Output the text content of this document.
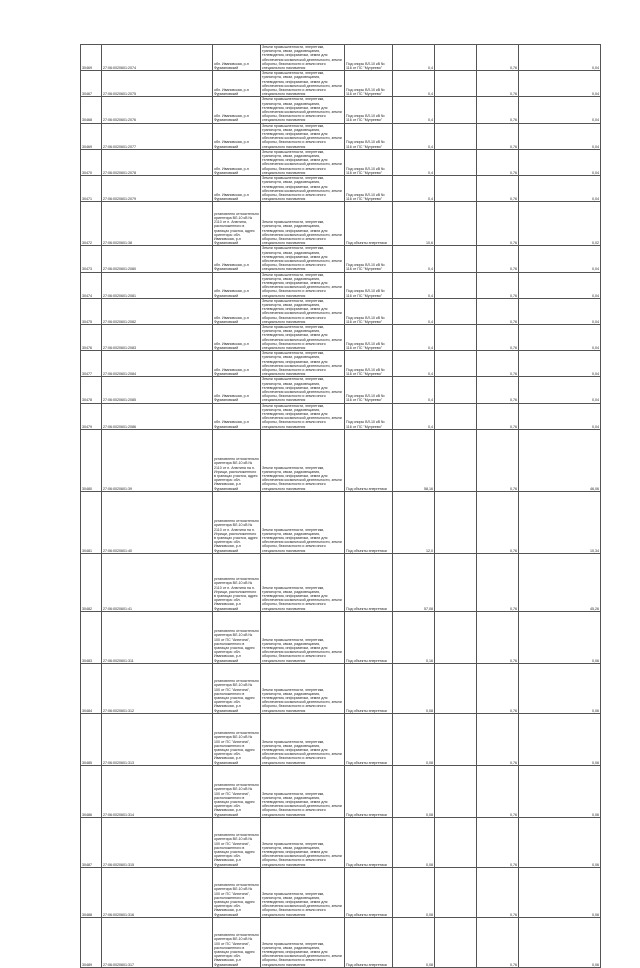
30469	27:06:0020601:2074	обл. Ивановская, р-н Фурмановский	Земли промышленности, энергетики, транспорта, связи, радиовещания, телевидения, информатики, земли для обеспечения космической деятельности, земли обороны, безопасности и земли иного специального назначения	Под опоры ВЛ-10 кВ № 116 от ПС "Мугреево"	0,4		0,76	0,04
30467	27:06:0020601:2075	обл. Ивановская, р-н Фурмановский	Земли промышленности, энергетики, транспорта, связи, радиовещания, телевидения, информатики, земли для обеспечения космической деятельности, земли обороны, безопасности и земли иного специального назначения	Под опоры ВЛ-10 кВ № 116 от ПС "Мугреево"	0,4		0,76	0,04
30468	27:06:0020601:2076	обл. Ивановская, р-н Фурмановский	Земли промышленности, энергетики, транспорта, связи, радиовещания, телевидения, информатики, земли для обеспечения космической деятельности, земли обороны, безопасности и земли иного специального назначения	Под опоры ВЛ-10 кВ № 116 от ПС "Мугреево"	0,4		0,76	0,04
30469	27:06:0020601:2077	обл. Ивановская, р-н Фурмановский	Земли промышленности, энергетики, транспорта, связи, радиовещания, телевидения, информатики, земли для обеспечения космической деятельности, земли обороны, безопасности и земли иного специального назначения	Под опоры ВЛ-10 кВ № 116 от ПС "Мугреево"	0,4		0,76	0,04
30470	27:06:0020601:2078	обл. Ивановская, р-н Фурмановский	Земли промышленности, энергетики, транспорта, связи, радиовещания, телевидения, информатики, земли для обеспечения космической деятельности, земли обороны, безопасности и земли иного специального назначения	Под опоры ВЛ-10 кВ № 116 от ПС "Мугреево"	0,4		0,76	0,04
30471	27:06:0020601:2079	обл. Ивановская, р-н Фурмановский	Земли промышленности, энергетики, транспорта, связи, радиовещания, телевидения, информатики, земли для обеспечения космической деятельности, земли обороны, безопасности и земли иного специального назначения	Под опоры ВЛ-10 кВ № 116 от ПС "Мугреево"	0,4		0,76	0,04
30472	27:06:0020601:38	установлено относительно ориентира ВЛ-10 кВ № 2110 от п. Анютина, расположенного в границах участка, адрес ориентира: обл. Ивановская, р-н Фурмановский	Земли промышленности, энергетики, транспорта, связи, радиовещания, телевидения, информатики, земли для обеспечения космической деятельности, земли обороны, безопасности и земли иного специального назначения	Под объекты энергетики	10,6		0,76	0,02
30473	27:06:0020601:2080	обл. Ивановская, р-н Фурмановский	Земли промышленности, энергетики, транспорта, связи, радиовещания, телевидения, информатики, земли для обеспечения космической деятельности, земли обороны, безопасности и земли иного специального назначения	Под опоры ВЛ-10 кВ № 116 от ПС "Мугреево"	0,4		0,76	0,04
30474	27:06:0020601:2081	обл. Ивановская, р-н Фурмановский	Земли промышленности, энергетики, транспорта, связи, радиовещания, телевидения, информатики, земли для обеспечения космической деятельности, земли обороны, безопасности и земли иного специального назначения	Под опоры ВЛ-10 кВ № 116 от ПС "Мугреево"	0,4		0,76	0,04
30475	27:06:0020601:2082	обл. Ивановская, р-н Фурмановский	Земли промышленности, энергетики, транспорта, связи, радиовещания, телевидения, информатики, земли для обеспечения космической деятельности, земли обороны, безопасности и земли иного специального назначения	Под опоры ВЛ-10 кВ № 116 от ПС "Мугреево"	0,4		0,76	0,04
30476	27:06:0020601:2083	обл. Ивановская, р-н Фурмановский	Земли промышленности, энергетики, транспорта, связи, радиовещания, телевидения, информатики, земли для обеспечения космической деятельности, земли обороны, безопасности и земли иного специального назначения	Под опоры ВЛ-10 кВ № 116 от ПС "Мугреево"	0,4		0,76	0,04
30477	27:06:0020601:2084	обл. Ивановская, р-н Фурмановский	Земли промышленности, энергетики, транспорта, связи, радиовещания, телевидения, информатики, земли для обеспечения космической деятельности, земли обороны, безопасности и земли иного специального назначения	Под опоры ВЛ-10 кВ № 116 от ПС "Мугреево"	0,4		0,76	0,04
30478	27:06:0020601:2085	обл. Ивановская, р-н Фурмановский	Земли промышленности, энергетики, транспорта, связи, радиовещания, телевидения, информатики, земли для обеспечения космической деятельности, земли обороны, безопасности и земли иного специального назначения	Под опоры ВЛ-10 кВ № 116 от ПС "Мугреево"	0,4		0,76	0,04
30479	27:06:0020601:2086	обл. Ивановская, р-н Фурмановский	Земли промышленности, энергетики, транспорта, связи, радиовещания, телевидения, информатики, земли для обеспечения космической деятельности, земли обороны, безопасности и земли иного специального назначения	Под опоры ВЛ-10 кВ № 116 от ПС "Мугреево"	0,4		0,76	0,04
30480	27:06:0020601:39	установлено относительно ориентира ВЛ-10 кВ № 2110 от п. Анютина на п. Игрищи, расположенного в границах участка, адрес ориентира: обл. Ивановская, р-н Фурмановский	Земли промышленности, энергетики, транспорта, связи, радиовещания, телевидения, информатики, земли для обеспечения космической деятельности, земли обороны, безопасности и земли иного специального назначения	Под объекты энергетики	58,16		0,76	46,06
30481	27:06:0020601:40	установлено относительно ориентира ВЛ-10 кВ № 2110 от п. Анютина на п. Игрищи, расположенного в границах участка, адрес ориентира: обл. Ивановская, р-н Фурмановский	Земли промышленности, энергетики, транспорта, связи, радиовещания, телевидения, информатики, земли для обеспечения космической деятельности, земли обороны, безопасности и земли иного специального назначения	Под объекты энергетики	12,0		0,76	10,34
30482	27:06:0020601:41	установлено относительно ориентира ВЛ-10 кВ № 2110 от п. Анютина на п. Игрищи, расположенного в границах участка, адрес ориентира: обл. Ивановская, р-н Фурмановский	Земли промышленности, энергетики, транспорта, связи, радиовещания, телевидения, информатики, земли для обеспечения космической деятельности, земли обороны, безопасности и земли иного специального назначения	Под объекты энергетики	57,08		0,76	45,26
30483	27:06:0020601:311	установлено относительно ориентира ВЛ-10 кВ № 100 от ПС "Анютина", расположенного в границах участка, адрес ориентира: обл. Ивановская, р-н Фурмановский	Земли промышленности, энергетики, транспорта, связи, радиовещания, телевидения, информатики, земли для обеспечения космической деятельности, земли обороны, безопасности и земли иного специального назначения	Под объекты энергетики	0,16		0,76	0,06
30484	27:06:0020601:312	установлено относительно ориентира ВЛ-10 кВ № 100 от ПС "Анютина", расположенного в границах участка, адрес ориентира: обл. Ивановская, р-н Фурмановский	Земли промышленности, энергетики, транспорта, связи, радиовещания, телевидения, информатики, земли для обеспечения космической деятельности, земли обороны, безопасности и земли иного специального назначения	Под объекты энергетики	0,08		0,76	0,06
30485	27:06:0020601:313	установлено относительно ориентира ВЛ-10 кВ № 100 от ПС "Анютина", расположенного в границах участка, адрес ориентира: обл. Ивановская, р-н Фурмановский	Земли промышленности, энергетики, транспорта, связи, радиовещания, телевидения, информатики, земли для обеспечения космической деятельности, земли обороны, безопасности и земли иного специального назначения	Под объекты энергетики	0,08		0,76	0,06
30486	27:06:0020601:314	установлено относительно ориентира ВЛ-10 кВ № 100 от ПС "Анютина", расположенного в границах участка, адрес ориентира: обл. Ивановская, р-н Фурмановский	Земли промышленности, энергетики, транспорта, связи, радиовещания, телевидения, информатики, земли для обеспечения космической деятельности, земли обороны, безопасности и земли иного специального назначения	Под объекты энергетики	0,08		0,76	0,06
30487	27:06:0020601:315	установлено относительно ориентира ВЛ-10 кВ № 100 от ПС "Анютина", расположенного в границах участка, адрес ориентира: обл. Ивановская, р-н Фурмановский	Земли промышленности, энергетики, транспорта, связи, радиовещания, телевидения, информатики, земли для обеспечения космической деятельности, земли обороны, безопасности и земли иного специального назначения	Под объекты энергетики	0,08		0,76	0,06
30488	27:06:0020601:316	установлено относительно ориентира ВЛ-10 кВ № 100 от ПС "Анютина", расположенного в границах участка, адрес ориентира: обл. Ивановская, р-н Фурмановский	Земли промышленности, энергетики, транспорта, связи, радиовещания, телевидения, информатики, земли для обеспечения космической деятельности, земли обороны, безопасности и земли иного специального назначения	Под объекты энергетики	0,08		0,76	0,06
30489	27:06:0020601:317	установлено относительно ориентира ВЛ-10 кВ № 100 от ПС "Анютина", расположенного в границах участка, адрес ориентира: обл. Ивановская, р-н Фурмановский	Земли промышленности, энергетики, транспорта, связи, радиовещания, телевидения, информатики, земли для обеспечения космической деятельности, земли обороны, безопасности и земли иного специального назначения	Под объекты энергетики	0,08		0,76	0,06
